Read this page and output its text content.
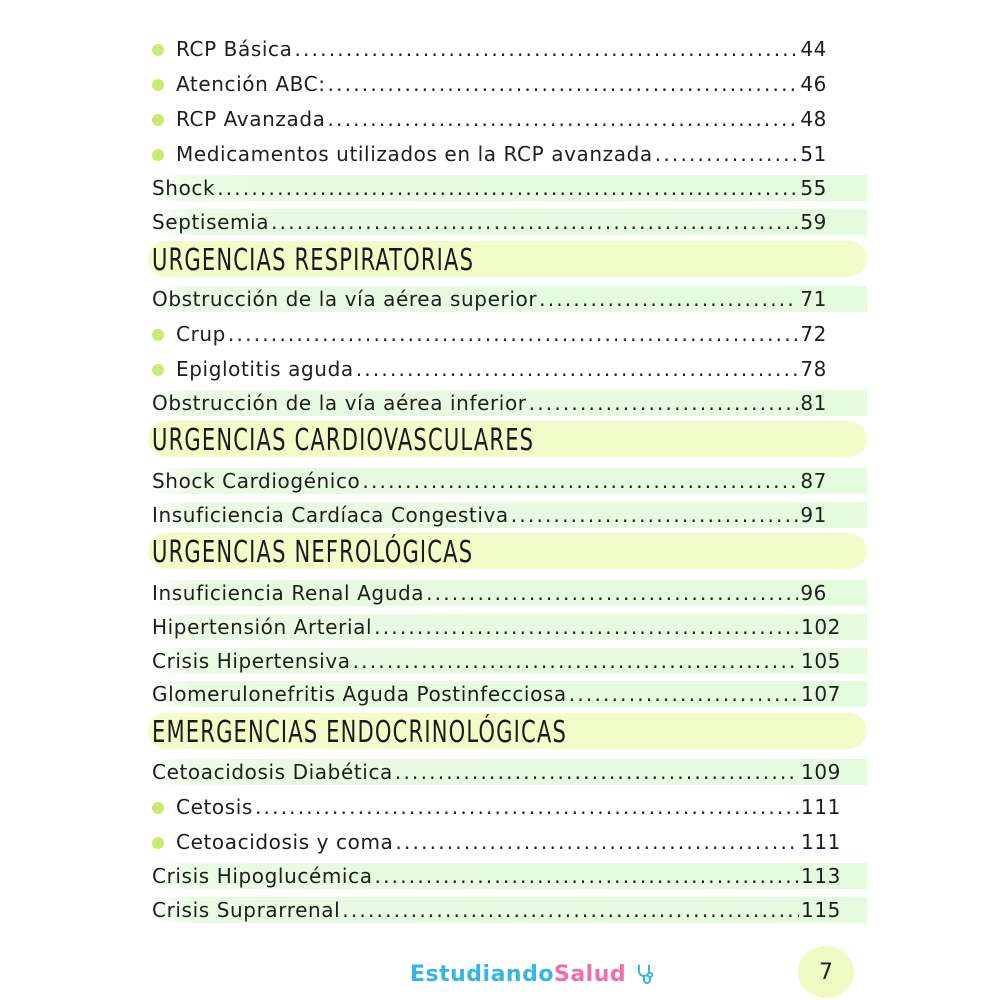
RCP Básica .....	44
Atención ABC: .....	46
RCP Avanzada .....	48
Medicamentos utilizados en la RCP avanzada .....	51
Shock .....	55
Septisemia .....	59
URGENCIAS RESPIRATORIAS
Obstrucción de la vía aérea superior .....	71
Crup .....	72
Epiglotitis aguda .....	78
Obstrucción de la vía aérea inferior .....	81
URGENCIAS CARDIOVASCULARES
Shock Cardiogénico .....	87
Insuficiencia Cardíaca Congestiva .....	91
URGENCIAS NEFROLÓGICAS
Insuficiencia Renal Aguda .....	96
Hipertensión Arterial .....	102
Crisis Hipertensiva .....	105
Glomerulonefritis Aguda Postinfecciosa .....	107
EMERGENCIAS ENDOCRINOLÓGICAS
Cetoacidosis Diabética .....	109
Cetosis .....	111
Cetoacidosis y coma .....	111
Crisis Hipoglucémica .....	113
Crisis Suprarrenal .....	115
EstudiandoSalud	7
